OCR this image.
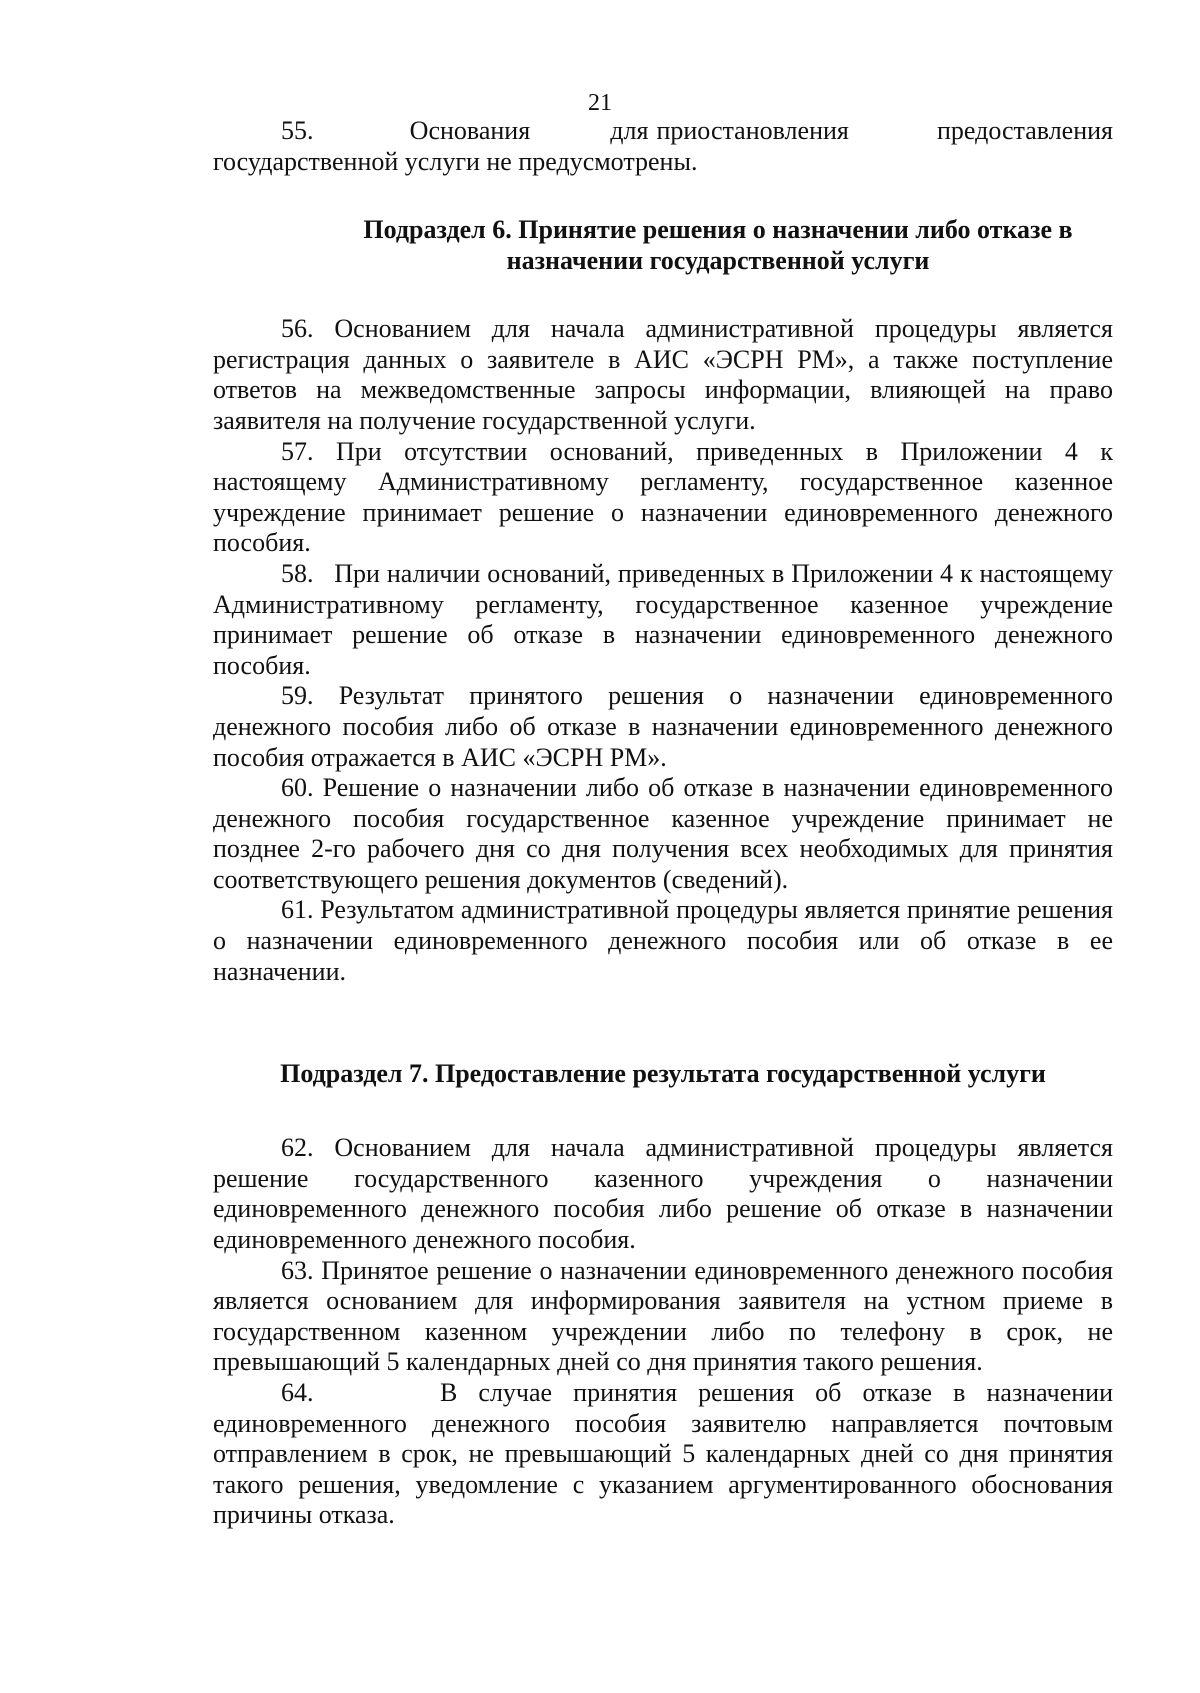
21

55.            Основания          для приостановления           предоставления государственной услуги не предусмотрены.

Подраздел 6. Принятие решения о назначении либо отказе в назначении государственной услуги

56. Основанием для начала административной процедуры является регистрация данных о заявителе в АИС «ЭСРН РМ», а также поступление ответов на межведомственные запросы информации, влияющей на право заявителя на получение государственной услуги.

57. При отсутствии оснований, приведенных в Приложении 4 к настоящему Административному регламенту, государственное казенное учреждение принимает решение о назначении единовременного денежного пособия.

58.   При наличии оснований, приведенных в Приложении 4 к настоящему Административному регламенту, государственное казенное учреждение принимает решение об отказе в назначении единовременного денежного пособия.

59. Результат принятого решения о назначении единовременного денежного пособия либо об отказе в назначении единовременного денежного пособия отражается в АИС «ЭСРН РМ».

60. Решение о назначении либо об отказе в назначении единовременного денежного пособия государственное казенное учреждение принимает не позднее 2-го рабочего дня со дня получения всех необходимых для принятия соответствующего решения документов (сведений).

61. Результатом административной процедуры является принятие решения о назначении единовременного денежного пособия или об отказе в ее назначении.

Подраздел 7. Предоставление результата государственной услуги

62. Основанием для начала административной процедуры является решение государственного казенного учреждения о назначении единовременного денежного пособия либо решение об отказе в назначении единовременного денежного пособия.

63. Принятое решение о назначении единовременного денежного пособия является основанием для информирования заявителя на устном приеме в государственном казенном учреждении либо по телефону в срок, не превышающий 5 календарных дней со дня принятия такого решения.

64.      В случае принятия решения об отказе в назначении единовременного денежного пособия заявителю направляется почтовым отправлением в срок, не превышающий 5 календарных дней со дня принятия такого решения, уведомление с указанием аргументированного обоснования причины отказа.
